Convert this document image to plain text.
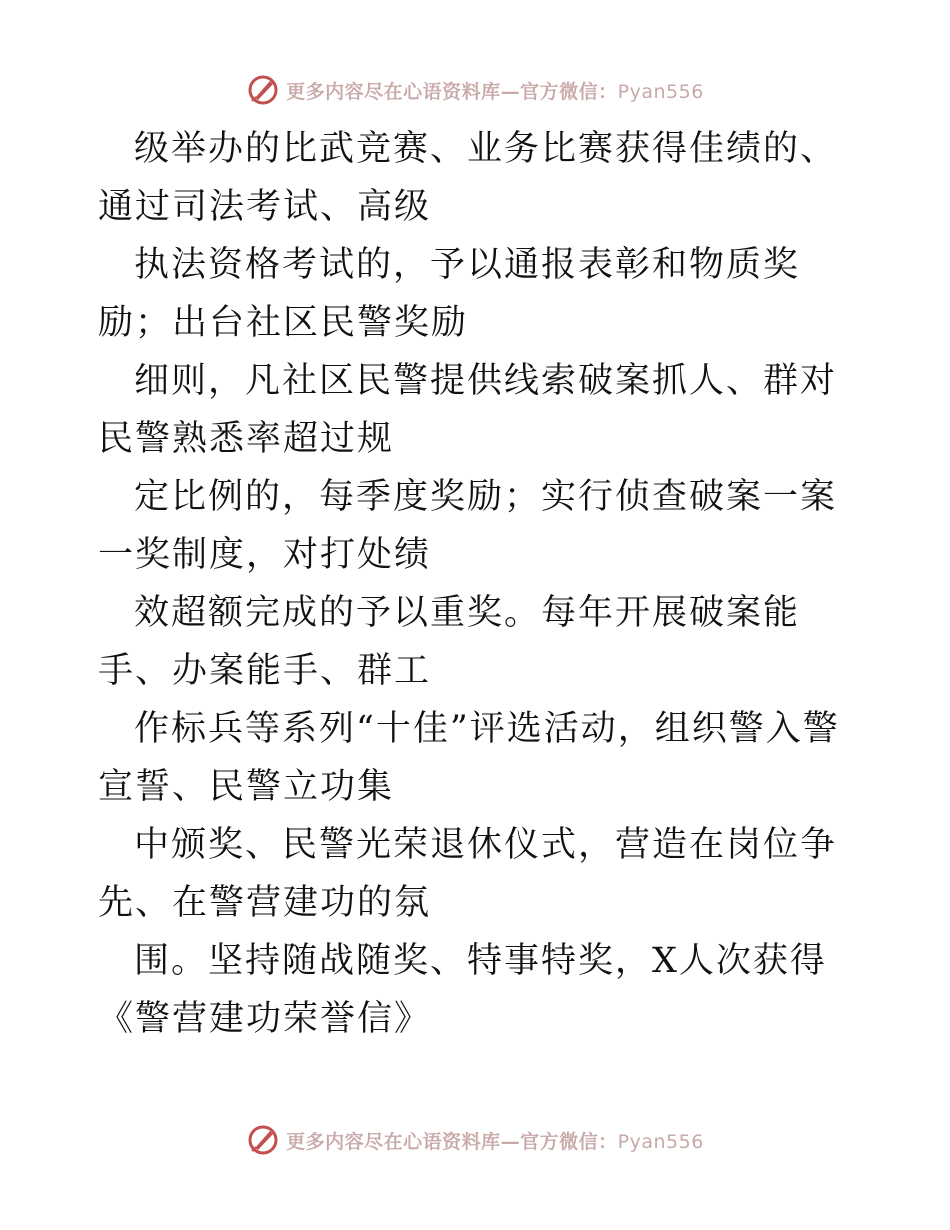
更多内容尽在心语资料库—官方微信：Pyan556

级举办的比武竞赛、业务比赛获得佳绩的、通过司法考试、高级

执法资格考试的，予以通报表彰和物质奖励；出台社区民警奖励

细则，凡社区民警提供线索破案抓人、群对民警熟悉率超过规

定比例的，每季度奖励；实行侦查破案一案一奖制度，对打处绩

效超额完成的予以重奖。每年开展破案能手、办案能手、群工

作标兵等系列“十佳”评选活动，组织警入警宣誓、民警立功集

中颁奖、民警光荣退休仪式，营造在岗位争先、在警营建功的氛

围。坚持随战随奖、特事特奖，X人次获得《警营建功荣誉信》

更多内容尽在心语资料库—官方微信：Pyan556
